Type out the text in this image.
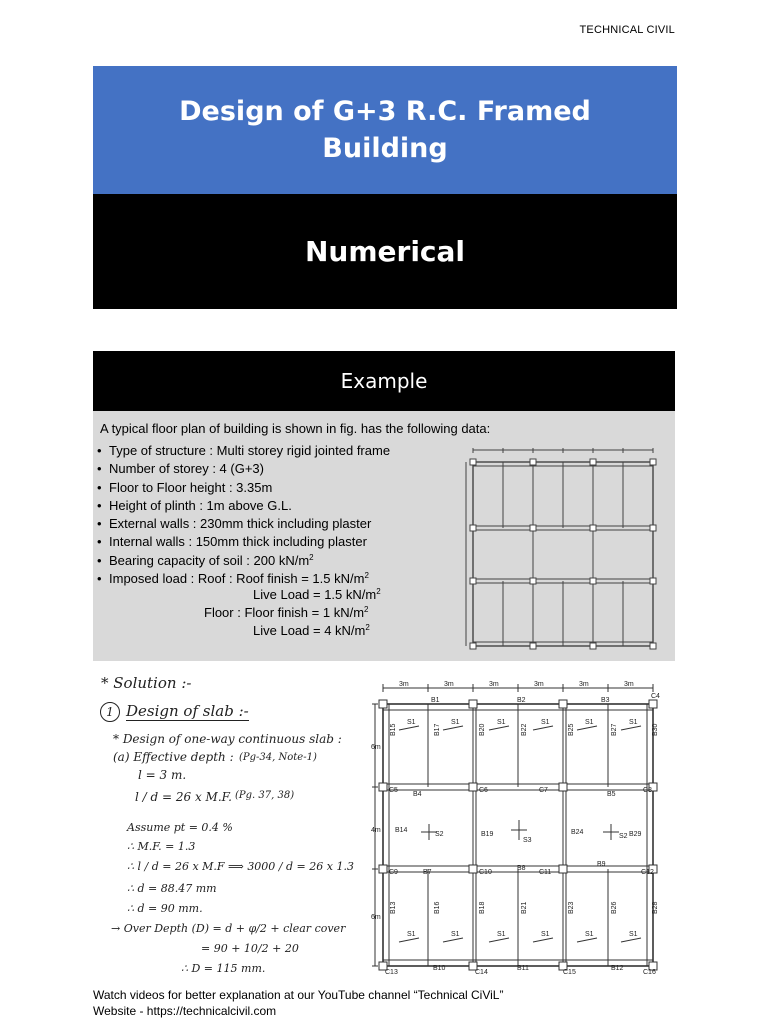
TECHNICAL CIVIL
Design of G+3 R.C. Framed Building
Numerical
Example
A typical floor plan of building is shown in fig. has the following data:
• Type of structure : Multi storey rigid jointed frame
• Number of storey : 4 (G+3)
• Floor to Floor height : 3.35m
• Height of plinth : 1m above G.L.
• External walls : 230mm thick including plaster
• Internal walls : 150mm thick including plaster
• Bearing capacity of soil : 200 $kN/m^2$
• Imposed load : Roof : Roof finish = 1.5 $kN/m^2$
Live Load = 1.5 $kN/m^2$
Floor : Floor finish = 1 $kN/m^2$
Live Load = 4 $kN/m^2$
* Solution :-
1 Design of slab :-
* Design of one-way continuous slab :
(a) Effective depth : (Pg-34, Note-1)
l = 3 m.
l / d = 26 x M.F. (Pg. 37, 38)
Assume pt = 0.4 %
∴ M.F. = 1.3
∴ l / d = 26 x M.F ⟹ 3000 / d = 26 x 1.3
∴ d = 88.47 mm
∴ d = 90 mm.
→ Over Depth (D) = d + φ/2 + clear cover
= 90 + 10/2 + 20
∴ D = 115 mm.
3m	3m	3m	3m	3m	3m
6m
4m
6m
B15	B17	B20	B22	B25	B27	B30
B14
B19	B24	B29
B13	B16	B18	B21	B23	B26	B28
S1	S1	S1	S1	S1	S1
S2
S3
S2
S1	S1	S1	S1	S1	S1
C5
B4
C6	C7
B5
C8
C9	B7	C10
B8
C11
B9
C12
C4
B1	B2	B3
C13
B10
C14
B11
C15
B12
C16
Watch videos for better explanation at our YouTube channel “Technical CiViL”
Website - https://technicalcivil.com
